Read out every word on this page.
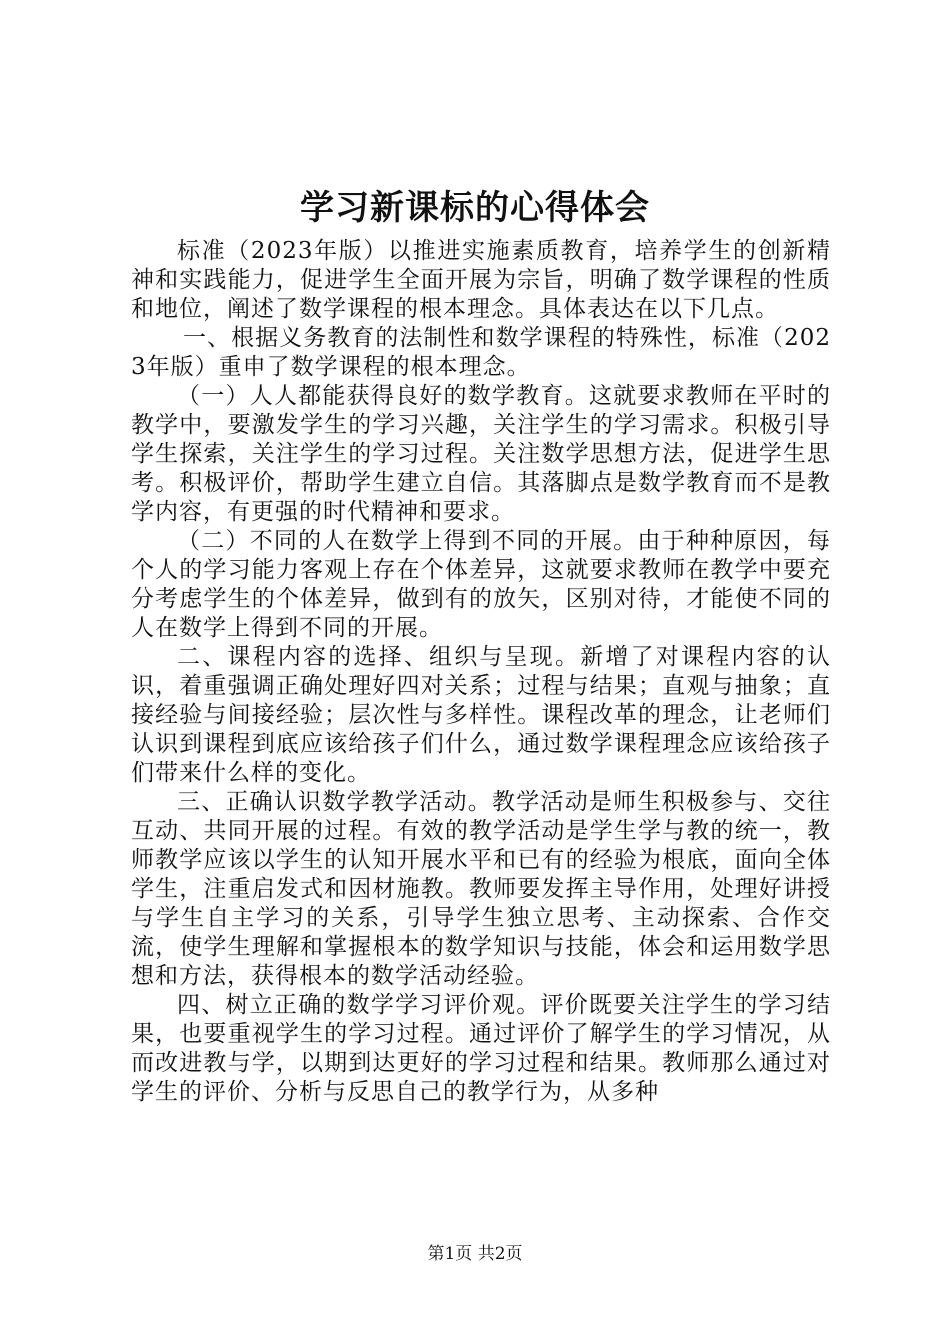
学习新课标的心得体会

标准（2023年版）以推进实施素质教育，培养学生的创新精神和实践能力，促进学生全面开展为宗旨，明确了数学课程的性质和地位，阐述了数学课程的根本理念。具体表达在以下几点。

一、根据义务教育的法制性和数学课程的特殊性，标准（2023年版）重申了数学课程的根本理念。

（一）人人都能获得良好的数学教育。这就要求教师在平时的教学中，要激发学生的学习兴趣，关注学生的学习需求。积极引导学生探索，关注学生的学习过程。关注数学思想方法，促进学生思考。积极评价，帮助学生建立自信。其落脚点是数学教育而不是教学内容，有更强的时代精神和要求。

（二）不同的人在数学上得到不同的开展。由于种种原因，每个人的学习能力客观上存在个体差异，这就要求教师在教学中要充分考虑学生的个体差异，做到有的放矢，区别对待，才能使不同的人在数学上得到不同的开展。

二、课程内容的选择、组织与呈现。新增了对课程内容的认识，着重强调正确处理好四对关系；过程与结果；直观与抽象；直接经验与间接经验；层次性与多样性。课程改革的理念，让老师们认识到课程到底应该给孩子们什么，通过数学课程理念应该给孩子们带来什么样的变化。

三、正确认识数学教学活动。教学活动是师生积极参与、交往互动、共同开展的过程。有效的教学活动是学生学与教的统一，教师教学应该以学生的认知开展水平和已有的经验为根底，面向全体学生，注重启发式和因材施教。教师要发挥主导作用，处理好讲授与学生自主学习的关系，引导学生独立思考、主动探索、合作交流，使学生理解和掌握根本的数学知识与技能，体会和运用数学思想和方法，获得根本的数学活动经验。

四、树立正确的数学学习评价观。评价既要关注学生的学习结果，也要重视学生的学习过程。通过评价了解学生的学习情况，从而改进教与学，以期到达更好的学习过程和结果。教师那么通过对学生的评价、分析与反思自己的教学行为，从多种

第1页 共2页
